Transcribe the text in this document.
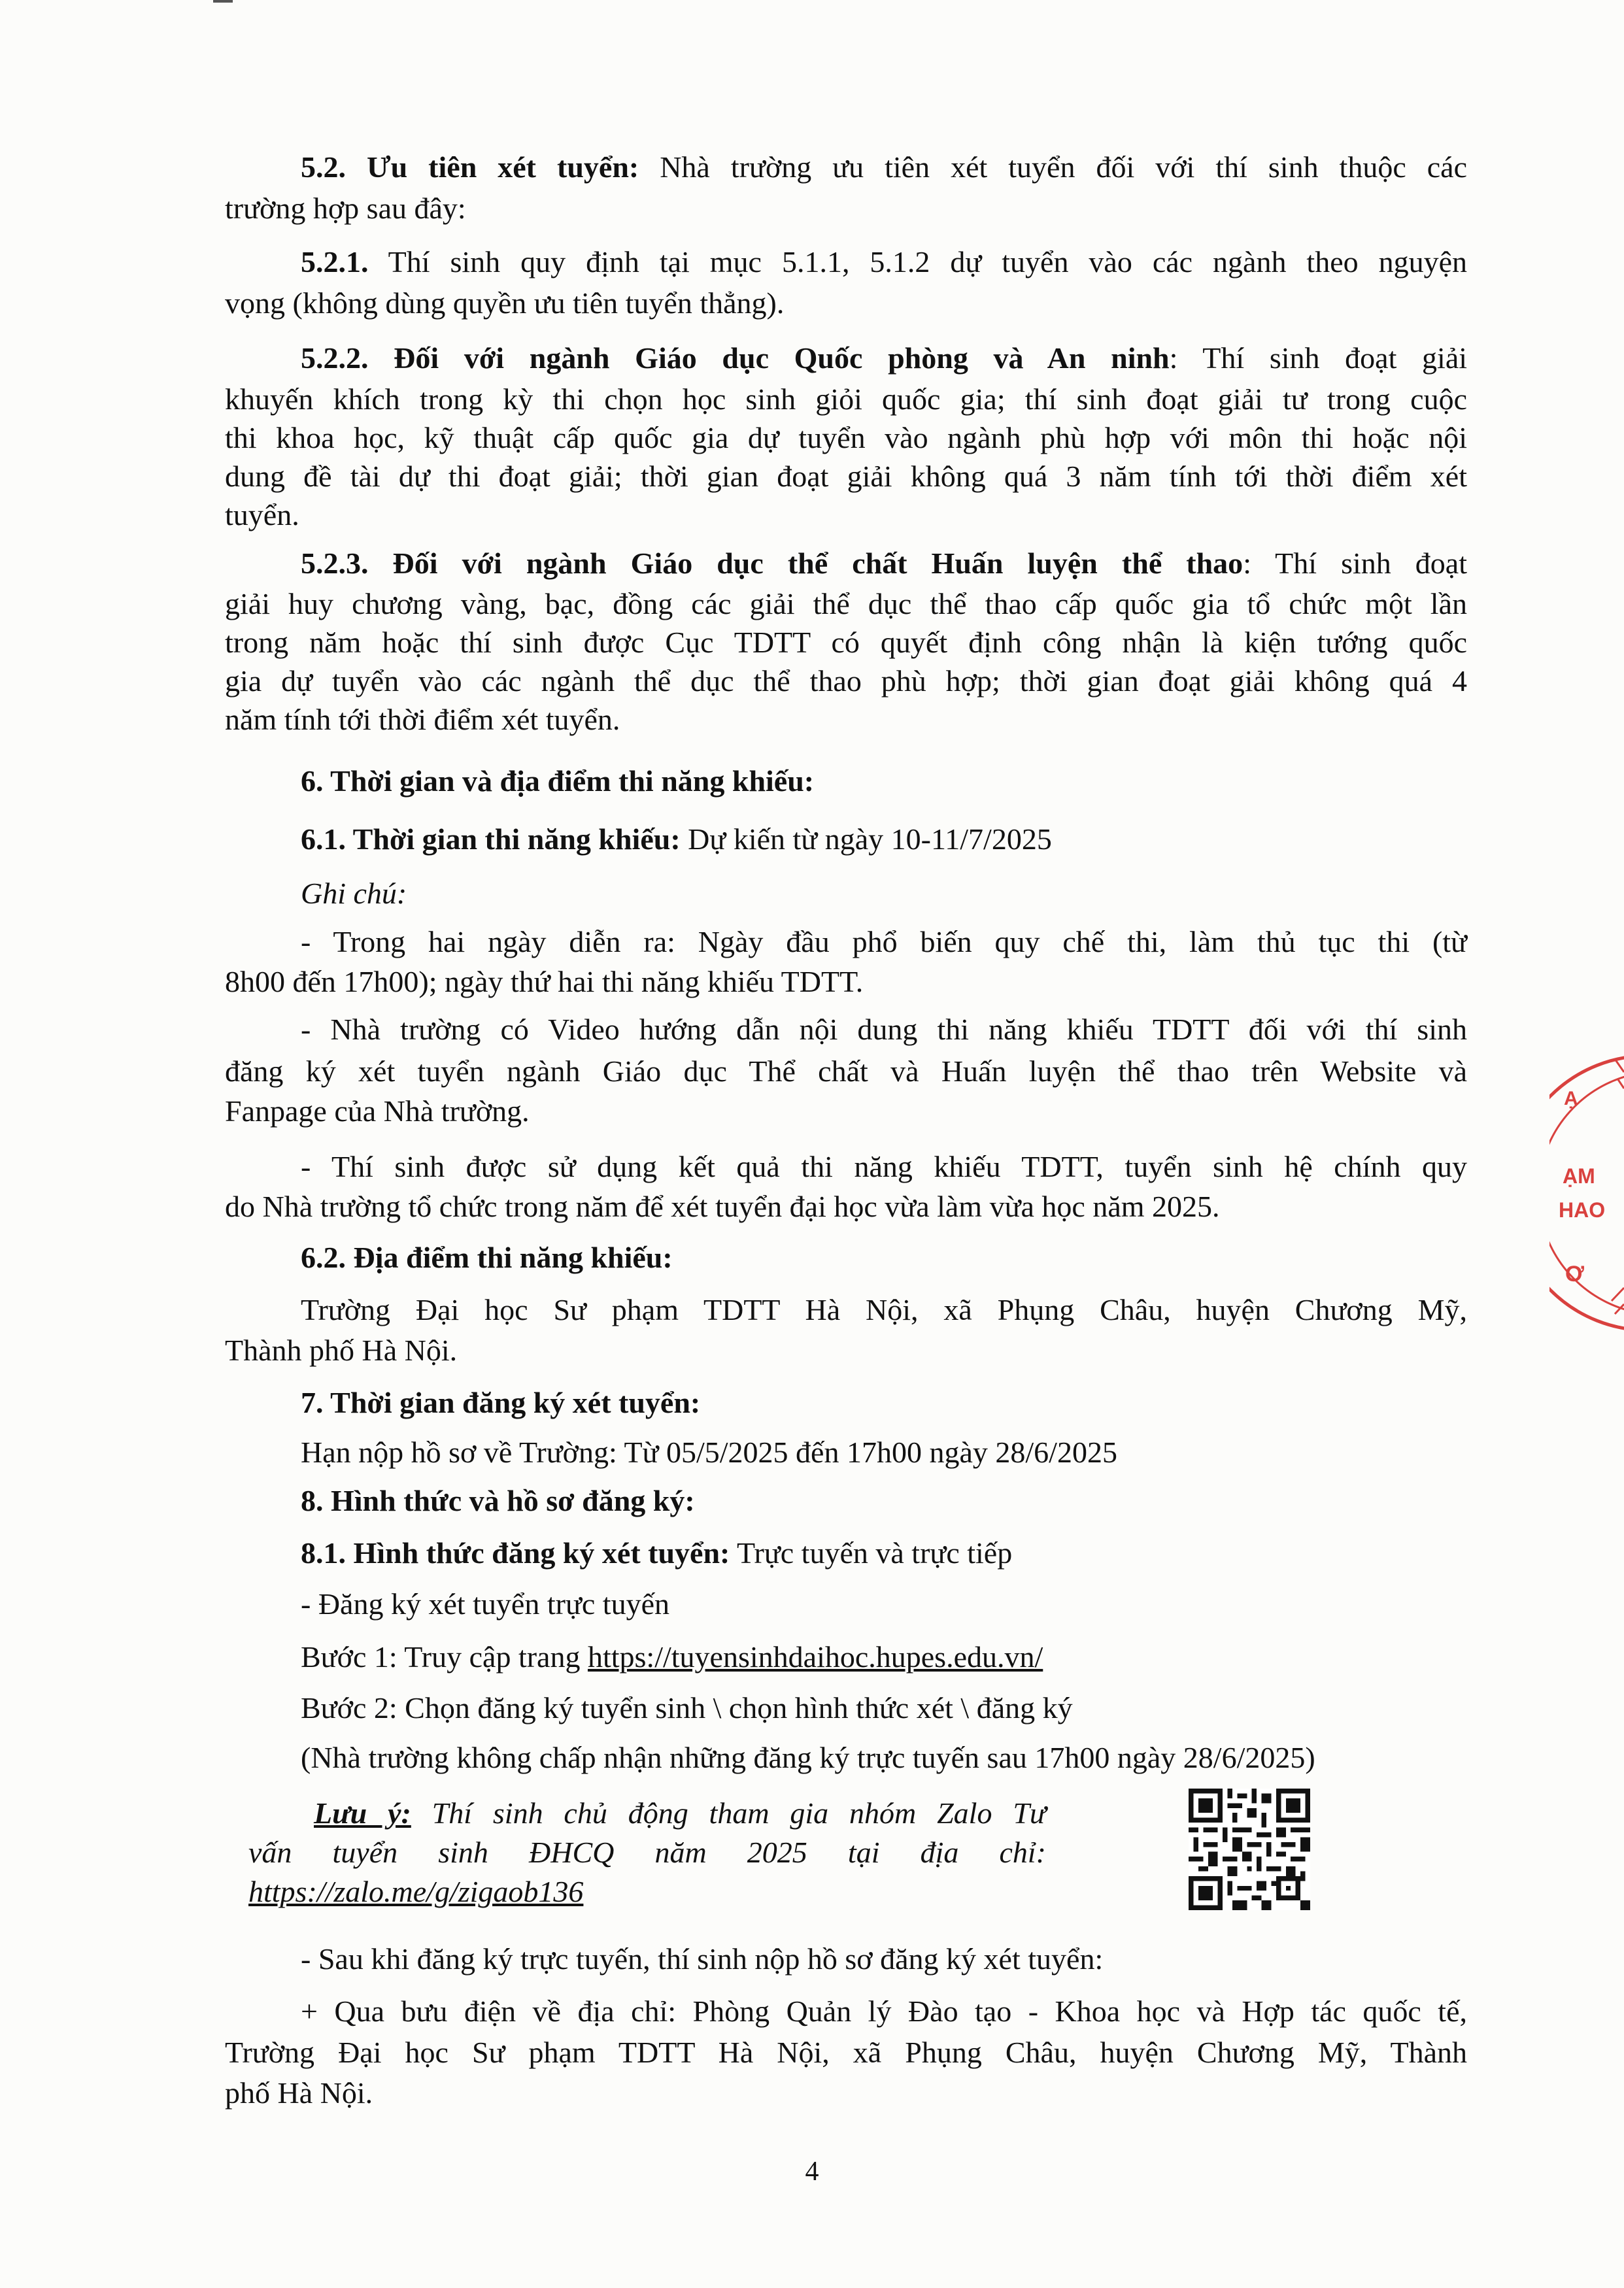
5.2. Ưu tiên xét tuyển: Nhà trường ưu tiên xét tuyển đối với thí sinh thuộc các
trường hợp sau đây:
5.2.1. Thí sinh quy định tại mục 5.1.1, 5.1.2 dự tuyển vào các ngành theo nguyện
vọng (không dùng quyền ưu tiên tuyển thẳng).
5.2.2. Đối với ngành Giáo dục Quốc phòng và An ninh: Thí sinh đoạt giải
khuyến khích trong kỳ thi chọn học sinh giỏi quốc gia; thí sinh đoạt giải tư trong cuộc
thi khoa học, kỹ thuật cấp quốc gia dự tuyển vào ngành phù hợp với môn thi hoặc nội
dung đề tài dự thi đoạt giải; thời gian đoạt giải không quá 3 năm tính tới thời điểm xét
tuyển.
5.2.3. Đối với ngành Giáo dục thể chất Huấn luyện thể thao: Thí sinh đoạt
giải huy chương vàng, bạc, đồng các giải thể dục thể thao cấp quốc gia tổ chức một lần
trong năm hoặc thí sinh được Cục TDTT có quyết định công nhận là kiện tướng quốc
gia dự tuyển vào các ngành thể dục thể thao phù hợp; thời gian đoạt giải không quá 4
năm tính tới thời điểm xét tuyển.
6. Thời gian và địa điểm thi năng khiếu:
6.1. Thời gian thi năng khiếu: Dự kiến từ ngày 10-11/7/2025
Ghi chú:
- Trong hai ngày diễn ra: Ngày đầu phổ biến quy chế thi, làm thủ tục thi (từ
8h00 đến 17h00); ngày thứ hai thi năng khiếu TDTT.
- Nhà trường có Video hướng dẫn nội dung thi năng khiếu TDTT đối với thí sinh
đăng ký xét tuyển ngành Giáo dục Thể chất và Huấn luyện thể thao trên Website và
Fanpage của Nhà trường.
- Thí sinh được sử dụng kết quả thi năng khiếu TDTT, tuyển sinh hệ chính quy
do Nhà trường tổ chức trong năm để xét tuyển đại học vừa làm vừa học năm 2025.
6.2. Địa điểm thi năng khiếu:
Trường Đại học Sư phạm TDTT Hà Nội, xã Phụng Châu, huyện Chương Mỹ,
Thành phố Hà Nội.
7. Thời gian đăng ký xét tuyển:
Hạn nộp hồ sơ về Trường: Từ 05/5/2025 đến 17h00 ngày 28/6/2025
8. Hình thức và hồ sơ đăng ký:
8.1. Hình thức đăng ký xét tuyển: Trực tuyến và trực tiếp
- Đăng ký xét tuyển trực tuyến
Bước 1: Truy cập trang https://tuyensinhdaihoc.hupes.edu.vn/
Bước 2: Chọn đăng ký tuyển sinh \ chọn hình thức xét \ đăng ký
(Nhà trường không chấp nhận những đăng ký trực tuyến sau 17h00 ngày 28/6/2025)
Lưu ý: Thí sinh chủ động tham gia nhóm Zalo Tư
vấn tuyển sinh ĐHCQ năm 2025 tại địa chỉ:
https://zalo.me/g/zigaob136
- Sau khi đăng ký trực tuyến, thí sinh nộp hồ sơ đăng ký xét tuyển:
+ Qua bưu điện về địa chỉ: Phòng Quản lý Đào tạo - Khoa học và Hợp tác quốc tế,
Trường Đại học Sư phạm TDTT Hà Nội, xã Phụng Châu, huyện Chương Mỹ, Thành
phố Hà Nội.
4
Ạ
ẠM
HAO
Ơ
